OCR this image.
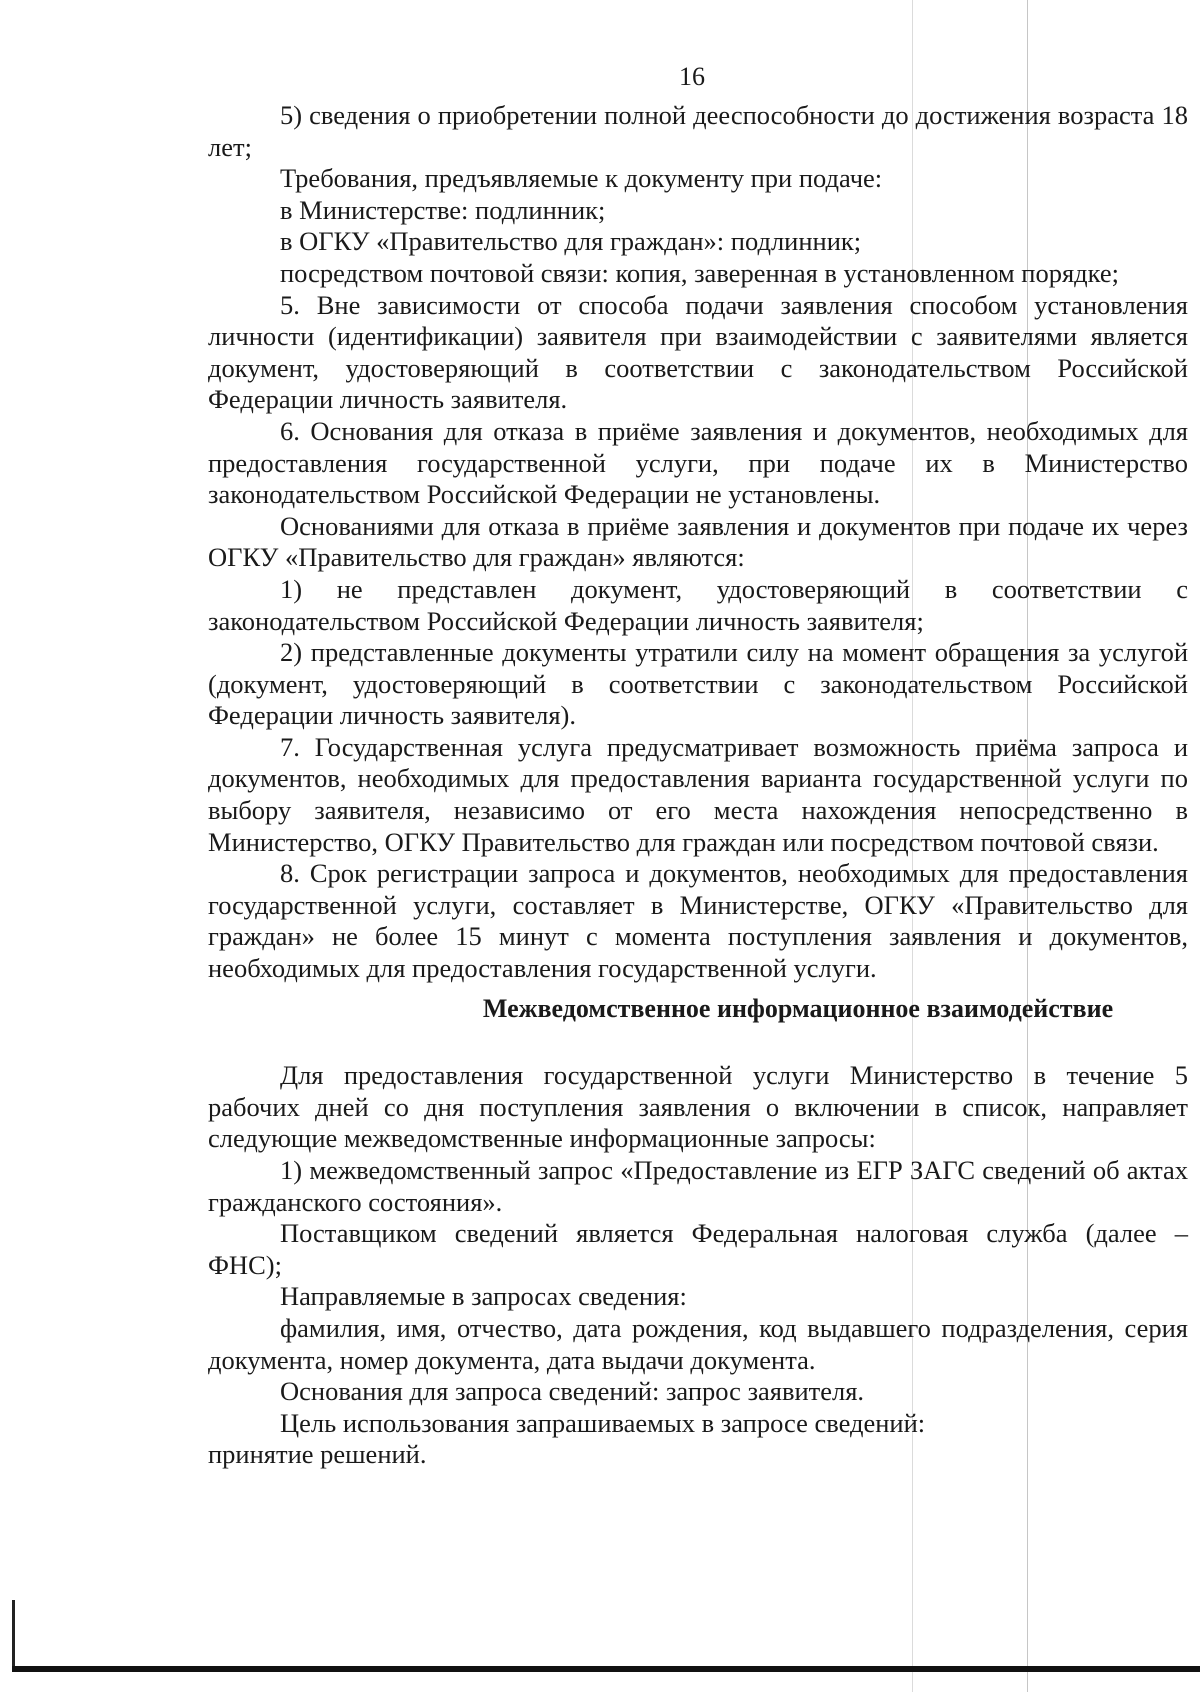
16

5) сведения о приобретении полной дееспособности до достижения возраста 18 лет;

Требования, предъявляемые к документу при подаче:

в Министерстве: подлинник;

в ОГКУ «Правительство для граждан»: подлинник;

посредством почтовой связи: копия, заверенная в установленном порядке;

5. Вне зависимости от способа подачи заявления способом установления личности (идентификации) заявителя при взаимодействии с заявителями является документ, удостоверяющий в соответствии с законодательством Российской Федерации личность заявителя.

6. Основания для отказа в приёме заявления и документов, необходимых для предоставления государственной услуги, при подаче их в Министерство законодательством Российской Федерации не установлены.

Основаниями для отказа в приёме заявления и документов при подаче их через ОГКУ «Правительство для граждан» являются:

1) не представлен документ, удостоверяющий в соответствии с законодательством Российской Федерации личность заявителя;

2) представленные документы утратили силу на момент обращения за услугой (документ, удостоверяющий в соответствии с законодательством Российской Федерации личность заявителя).

7. Государственная услуга предусматривает возможность приёма запроса и документов, необходимых для предоставления варианта государственной услуги по выбору заявителя, независимо от его места нахождения непосредственно в Министерство, ОГКУ Правительство для граждан или посредством почтовой связи.

8. Срок регистрации запроса и документов, необходимых для предоставления государственной услуги, составляет в Министерстве, ОГКУ «Правительство для граждан» не более 15 минут с момента поступления заявления и документов, необходимых для предоставления государственной услуги.

Межведомственное информационное взаимодействие

Для предоставления государственной услуги Министерство в течение 5 рабочих дней со дня поступления заявления о включении в список, направляет следующие межведомственные информационные запросы:

1) межведомственный запрос «Предоставление из ЕГР ЗАГС сведений об актах гражданского состояния».

Поставщиком сведений является Федеральная налоговая служба (далее – ФНС);

Направляемые в запросах сведения:

фамилия, имя, отчество, дата рождения, код выдавшего подразделения, серия документа, номер документа, дата выдачи документа.

Основания для запроса сведений: запрос заявителя.

Цель использования запрашиваемых в запросе сведений:

принятие решений.
